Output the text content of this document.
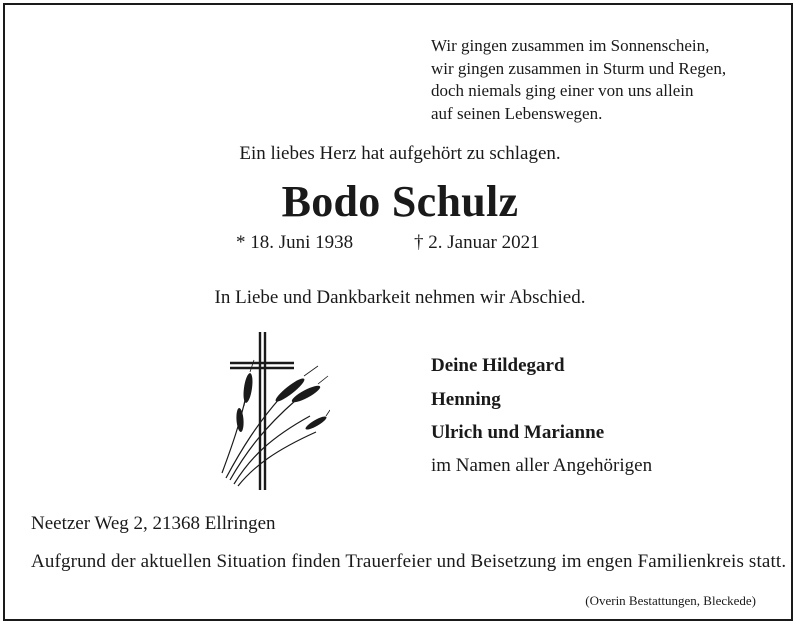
Wir gingen zusammen im Sonnenschein,
wir gingen zusammen in Sturm und Regen,
doch niemals ging einer von uns allein
auf seinen Lebenswegen.
Ein liebes Herz hat aufgehört zu schlagen.
Bodo Schulz
* 18. Juni 1938	† 2. Januar 2021
In Liebe und Dankbarkeit nehmen wir Abschied.
Deine Hildegard
Henning
Ulrich und Marianne
im Namen aller Angehörigen
Neetzer Weg 2, 21368 Ellringen
Aufgrund der aktuellen Situation finden Trauerfeier und Beisetzung im engen Familienkreis statt.
(Overin Bestattungen, Bleckede)
